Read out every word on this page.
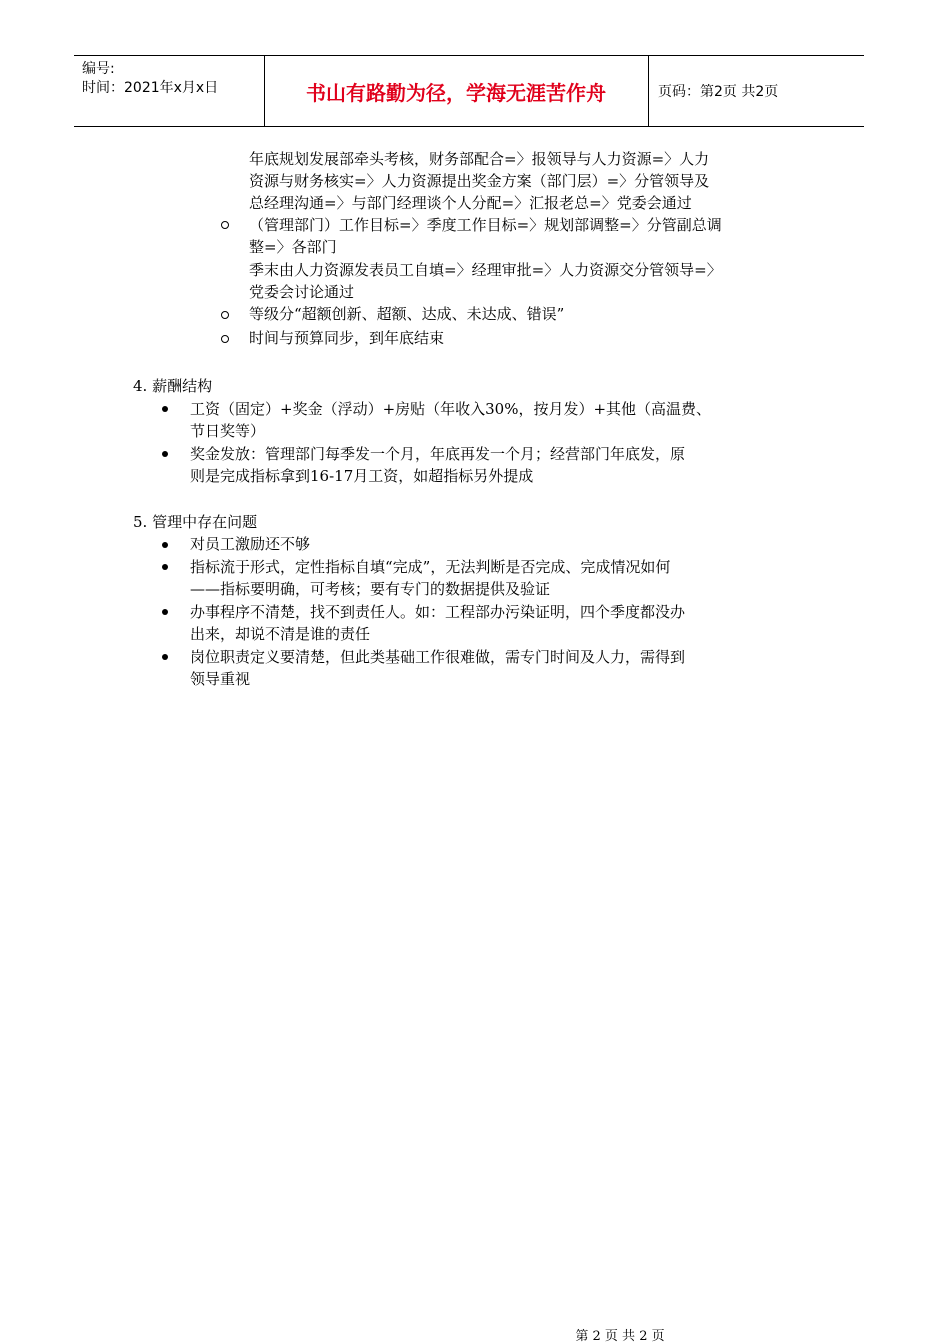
编号:
时间：2021年x月x日	书山有路勤为径，学海无涯苦作舟	页码：第2页 共2页
年底规划发展部牵头考核，财务部配合=〉报领导与人力资源=〉人力
资源与财务核实=〉人力资源提出奖金方案（部门层）=〉分管领导及
总经理沟通=〉与部门经理谈个人分配=〉汇报老总=〉党委会通过
（管理部门）工作目标=〉季度工作目标=〉规划部调整=〉分管副总调
整=〉各部门
季末由人力资源发表员工自填=〉经理审批=〉人力资源交分管领导=〉
党委会讨论通过
等级分“超额创新、超额、达成、未达成、错误”
时间与预算同步，到年底结束
4. 薪酬结构
工资（固定）+奖金（浮动）+房贴（年收入30%，按月发）+其他（高温费、
节日奖等）
奖金发放：管理部门每季发一个月，年底再发一个月；经营部门年底发，原
则是完成指标拿到16-17月工资，如超指标另外提成
5. 管理中存在问题
对员工激励还不够
指标流于形式，定性指标自填“完成”，无法判断是否完成、完成情况如何
——指标要明确，可考核；要有专门的数据提供及验证
办事程序不清楚，找不到责任人。如：工程部办污染证明，四个季度都没办
出来，却说不清是谁的责任
岗位职责定义要清楚，但此类基础工作很难做，需专门时间及人力，需得到
领导重视
第 2 页 共 2 页
